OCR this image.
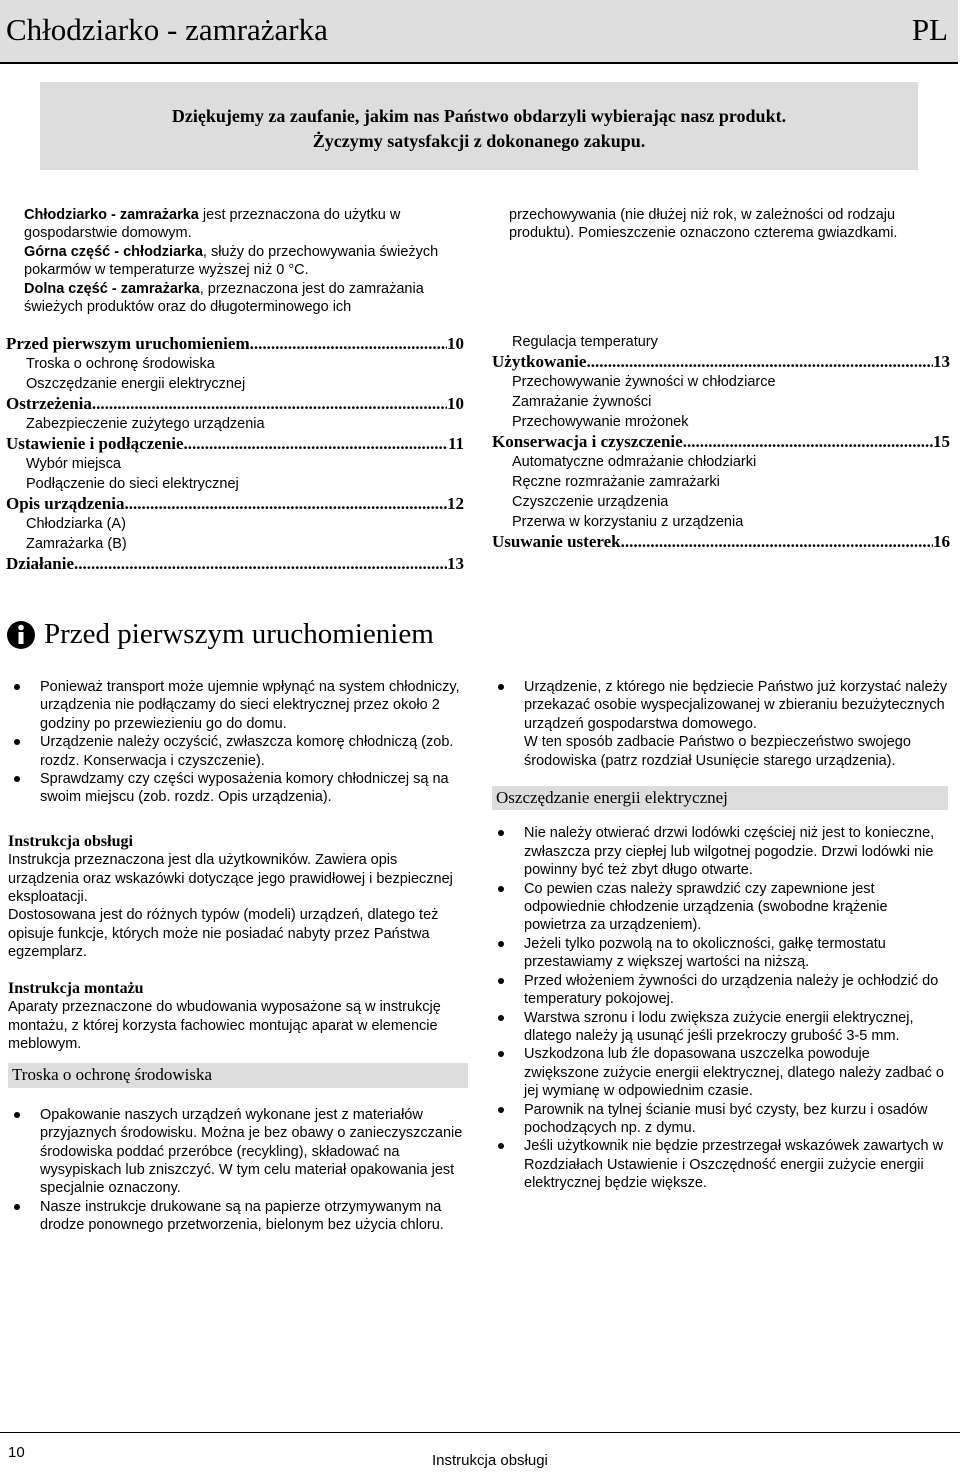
Chłodziarko - zamrażarka	PL
Dziękujemy za zaufanie, jakim nas Państwo obdarzyli wybierając nasz produkt.
Życzymy satysfakcji z dokonanego zakupu.
Chłodziarko - zamrażarka jest przeznaczona do użytku w gospodarstwie domowym.
Górna część - chłodziarka, służy do przechowywania świeżych pokarmów w temperaturze wyższej niż 0 °C.
Dolna część - zamrażarka, przeznaczona jest do zamrażania świeżych produktów oraz do długoterminowego ich
przechowywania (nie dłużej niż rok, w zależności od rodzaju produktu). Pomieszczenie oznaczono czterema gwiazdkami.
Przed pierwszym uruchomieniem .....	10
Troska o ochronę środowiska
Oszczędzanie energii elektrycznej
Ostrzeżenia .....	10
Zabezpieczenie zużytego urządzenia
Ustawienie i podłączenie .....	11
Wybór miejsca
Podłączenie do sieci elektrycznej
Opis urządzenia .....	12
Chłodziarka (A)
Zamrażarka (B)
Działanie .....	13
Regulacja temperatury
Użytkowanie .....	13
Przechowywanie żywności w chłodziarce
Zamrażanie żywności
Przechowywanie mrożonek
Konserwacja i czyszczenie .....	15
Automatyczne odmrażanie chłodziarki
Ręczne rozmrażanie zamrażarki
Czyszczenie urządzenia
Przerwa w korzystaniu z urządzenia
Usuwanie usterek .....	16
Przed pierwszym uruchomieniem
Ponieważ transport może ujemnie wpłynąć na system chłodniczy, urządzenia nie podłączamy do sieci elektrycznej przez około 2 godziny po przewiezieniu go do domu.
Urządzenie należy oczyścić, zwłaszcza komorę chłodniczą (zob. rozdz. Konserwacja i czyszczenie).
Sprawdzamy czy części wyposażenia komory chłodniczej są na swoim miejscu (zob. rozdz. Opis urządzenia).
Instrukcja obsługi
Instrukcja przeznaczona jest dla użytkowników. Zawiera opis urządzenia oraz wskazówki dotyczące jego prawidłowej i bezpiecznej eksploatacji.
Dostosowana jest do różnych typów (modeli) urządzeń, dlatego też opisuje funkcje, których może nie posiadać nabyty przez Państwa egzemplarz.
Instrukcja montażu
Aparaty przeznaczone do wbudowania wyposażone są w instrukcję montażu, z której korzysta fachowiec montując aparat w elemencie meblowym.
Troska o ochronę środowiska
Opakowanie naszych urządzeń wykonane jest z materiałów przyjaznych środowisku. Można je bez obawy o zanieczyszczanie środowiska poddać przeróbce (recykling), składować na wysypiskach lub zniszczyć. W tym celu materiał opakowania jest specjalnie oznaczony.
Nasze instrukcje drukowane są na papierze otrzymywanym na drodze ponownego przetworzenia, bielonym bez użycia chloru.
Urządzenie, z którego nie będziecie Państwo już korzystać należy przekazać osobie wyspecjalizowanej w zbieraniu bezużytecznych urządzeń gospodarstwa domowego.
W ten sposób zadbacie Państwo o bezpieczeństwo swojego środowiska (patrz rozdział Usunięcie starego urządzenia).
Oszczędzanie energii elektrycznej
Nie należy otwierać drzwi lodówki częściej niż jest to konieczne, zwłaszcza przy ciepłej lub wilgotnej pogodzie. Drzwi lodówki nie powinny być też zbyt długo otwarte.
Co pewien czas należy sprawdzić czy zapewnione jest odpowiednie chłodzenie urządzenia (swobodne krążenie powietrza za urządzeniem).
Jeżeli tylko pozwolą na to okoliczności, gałkę termostatu przestawiamy z większej wartości na niższą.
Przed włożeniem żywności do urządzenia należy je ochłodzić do temperatury pokojowej.
Warstwa szronu i lodu zwiększa zużycie energii elektrycznej, dlatego należy ją usunąć jeśli przekroczy grubość 3-5 mm.
Uszkodzona lub źle dopasowana uszczelka powoduje zwiększone zużycie energii elektrycznej, dlatego należy zadbać o jej wymianę w odpowiednim czasie.
Parownik na tylnej ścianie musi być czysty, bez kurzu i osadów pochodzących np. z dymu.
Jeśli użytkownik nie będzie przestrzegał wskazówek zawartych w Rozdziałach Ustawienie i Oszczędność energii zużycie energii elektrycznej będzie większe.
10	Instrukcja obsługi
